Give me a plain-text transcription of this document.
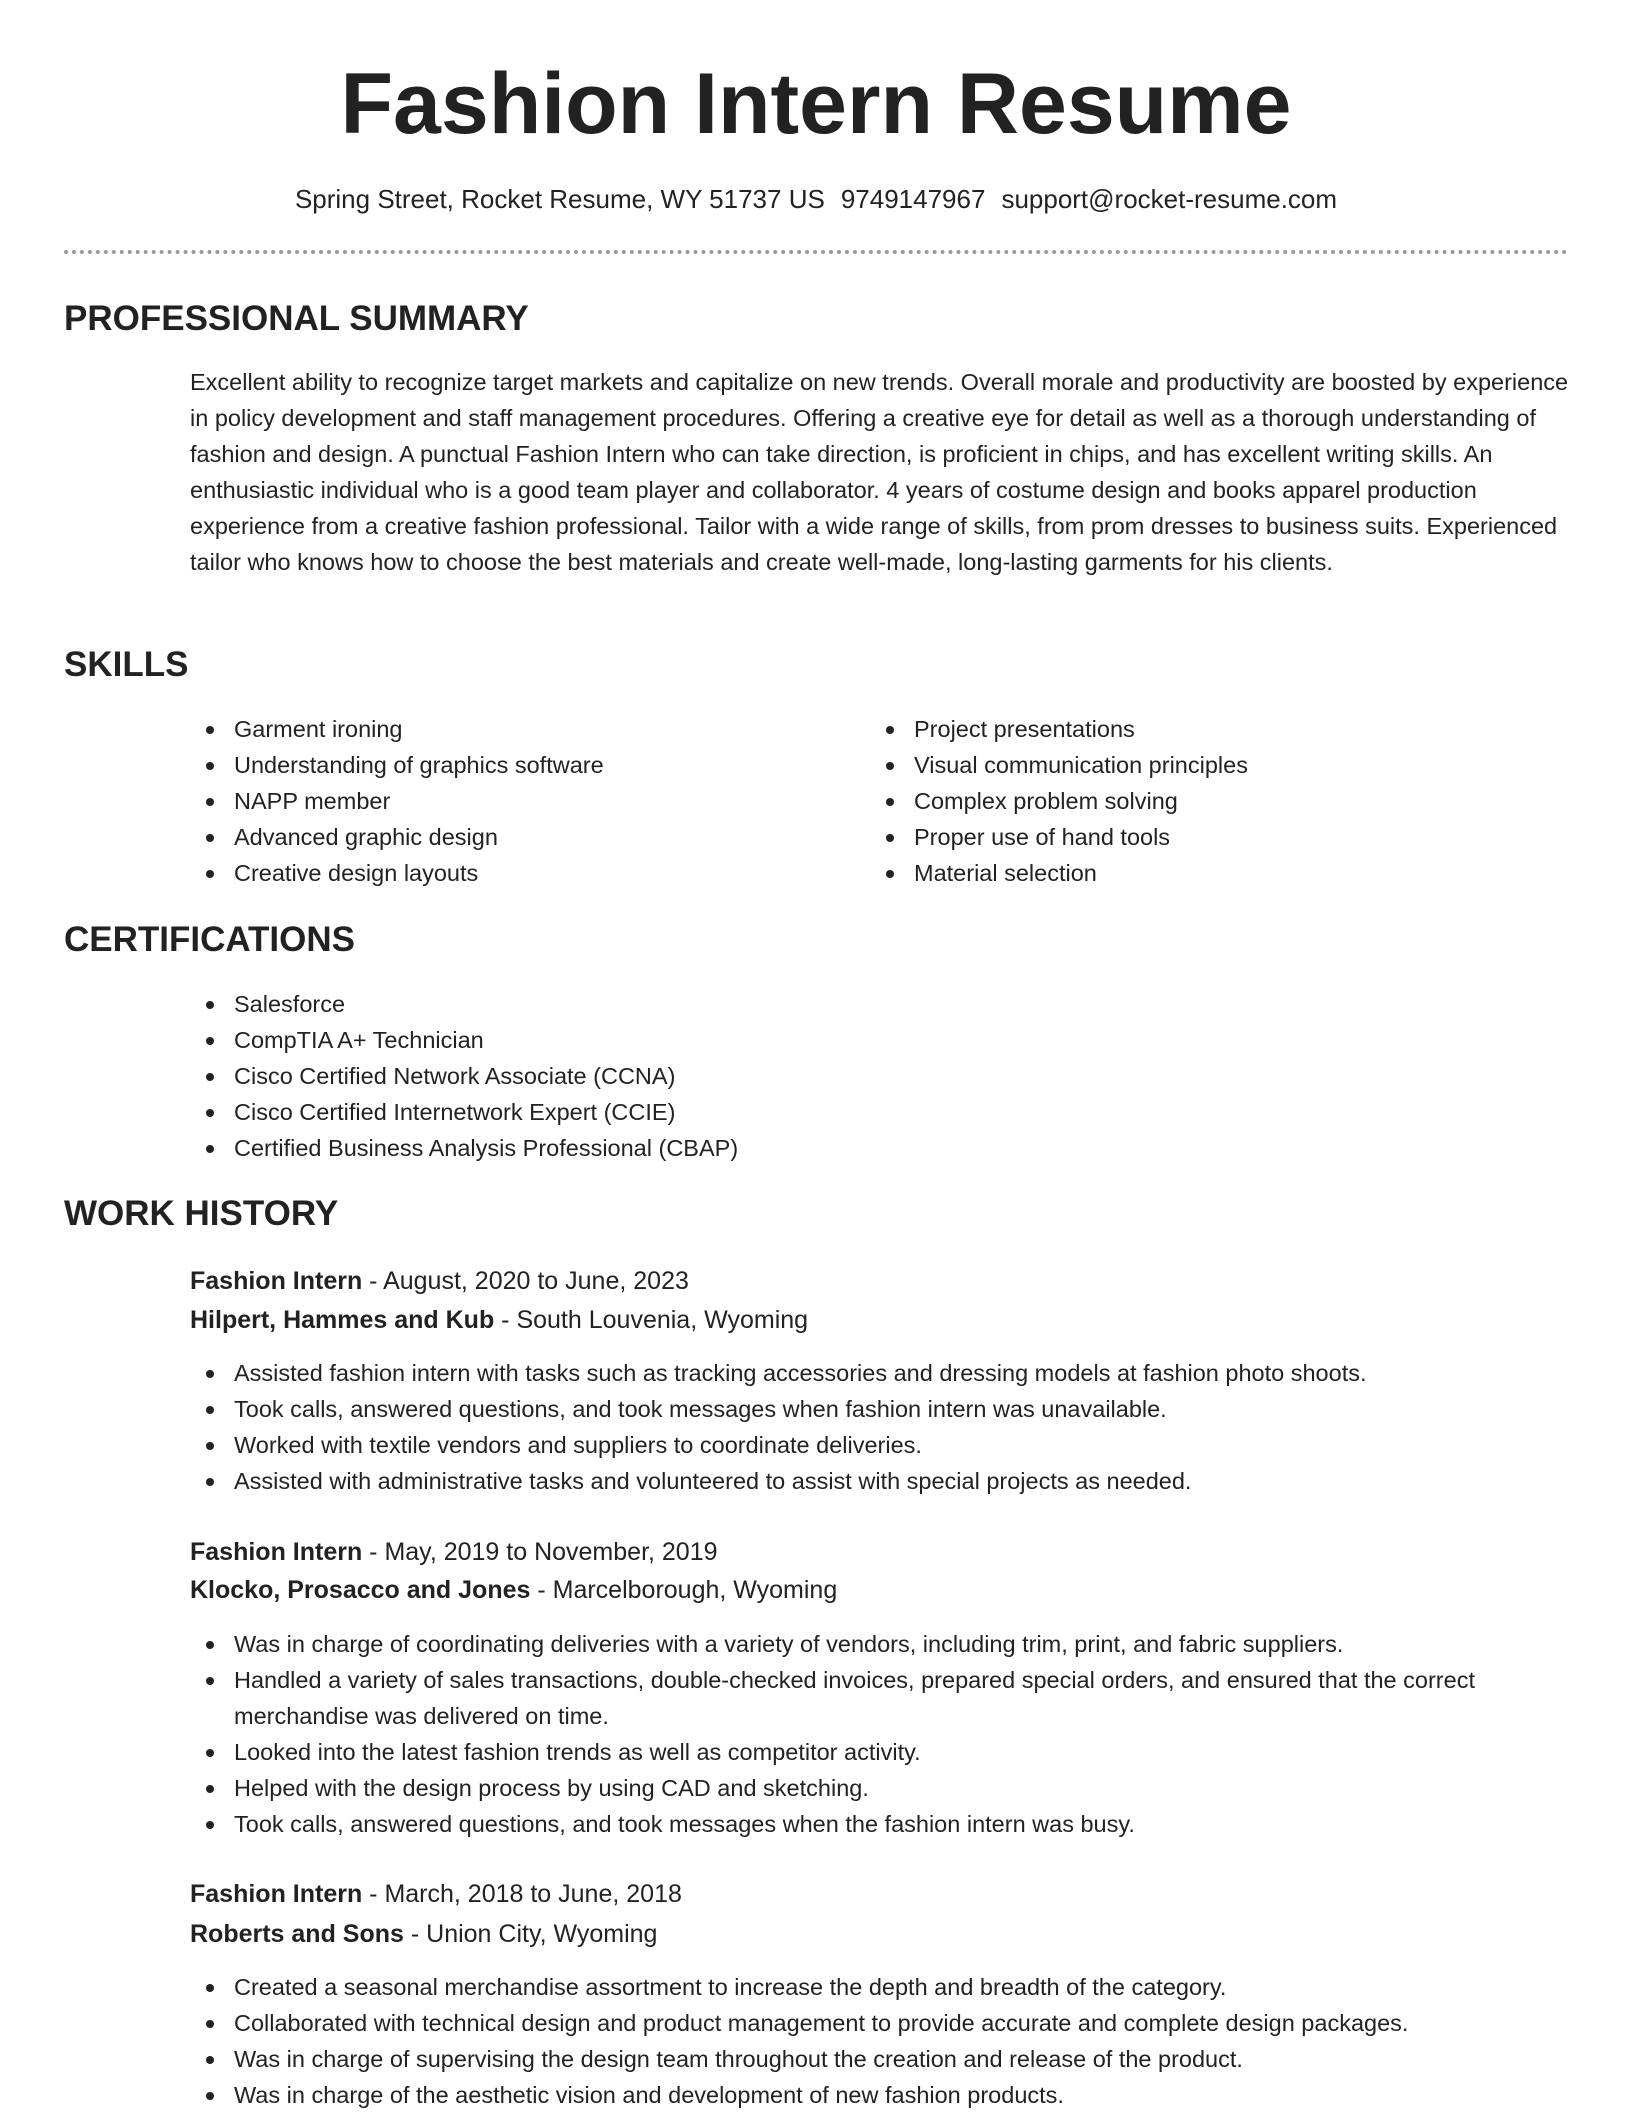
Fashion Intern Resume
Spring Street, Rocket Resume, WY 51737 US 9749147967 support@rocket-resume.com
PROFESSIONAL SUMMARY

Excellent ability to recognize target markets and capitalize on new trends. Overall morale and productivity are boosted by experience in policy development and staff management procedures. Offering a creative eye for detail as well as a thorough understanding of fashion and design. A punctual Fashion Intern who can take direction, is proficient in chips, and has excellent writing skills. An enthusiastic individual who is a good team player and collaborator. 4 years of costume design and books apparel production experience from a creative fashion professional. Tailor with a wide range of skills, from prom dresses to business suits. Experienced tailor who knows how to choose the best materials and create well-made, long-lasting garments for his clients.

SKILLS
Garment ironing
Understanding of graphics software
NAPP member
Advanced graphic design
Creative design layouts
Project presentations
Visual communication principles
Complex problem solving
Proper use of hand tools
Material selection
CERTIFICATIONS
Salesforce
CompTIA A+ Technician
Cisco Certified Network Associate (CCNA)
Cisco Certified Internetwork Expert (CCIE)
Certified Business Analysis Professional (CBAP)
WORK HISTORY
Fashion Intern - August, 2020 to June, 2023
Hilpert, Hammes and Kub - South Louvenia, Wyoming
Assisted fashion intern with tasks such as tracking accessories and dressing models at fashion photo shoots.
Took calls, answered questions, and took messages when fashion intern was unavailable.
Worked with textile vendors and suppliers to coordinate deliveries.
Assisted with administrative tasks and volunteered to assist with special projects as needed.
Fashion Intern - May, 2019 to November, 2019
Klocko, Prosacco and Jones - Marcelborough, Wyoming
Was in charge of coordinating deliveries with a variety of vendors, including trim, print, and fabric suppliers.
Handled a variety of sales transactions, double-checked invoices, prepared special orders, and ensured that the correct merchandise was delivered on time.
Looked into the latest fashion trends as well as competitor activity.
Helped with the design process by using CAD and sketching.
Took calls, answered questions, and took messages when the fashion intern was busy.
Fashion Intern - March, 2018 to June, 2018
Roberts and Sons - Union City, Wyoming
Created a seasonal merchandise assortment to increase the depth and breadth of the category.
Collaborated with technical design and product management to provide accurate and complete design packages.
Was in charge of supervising the design team throughout the creation and release of the product.
Was in charge of the aesthetic vision and development of new fashion products.
